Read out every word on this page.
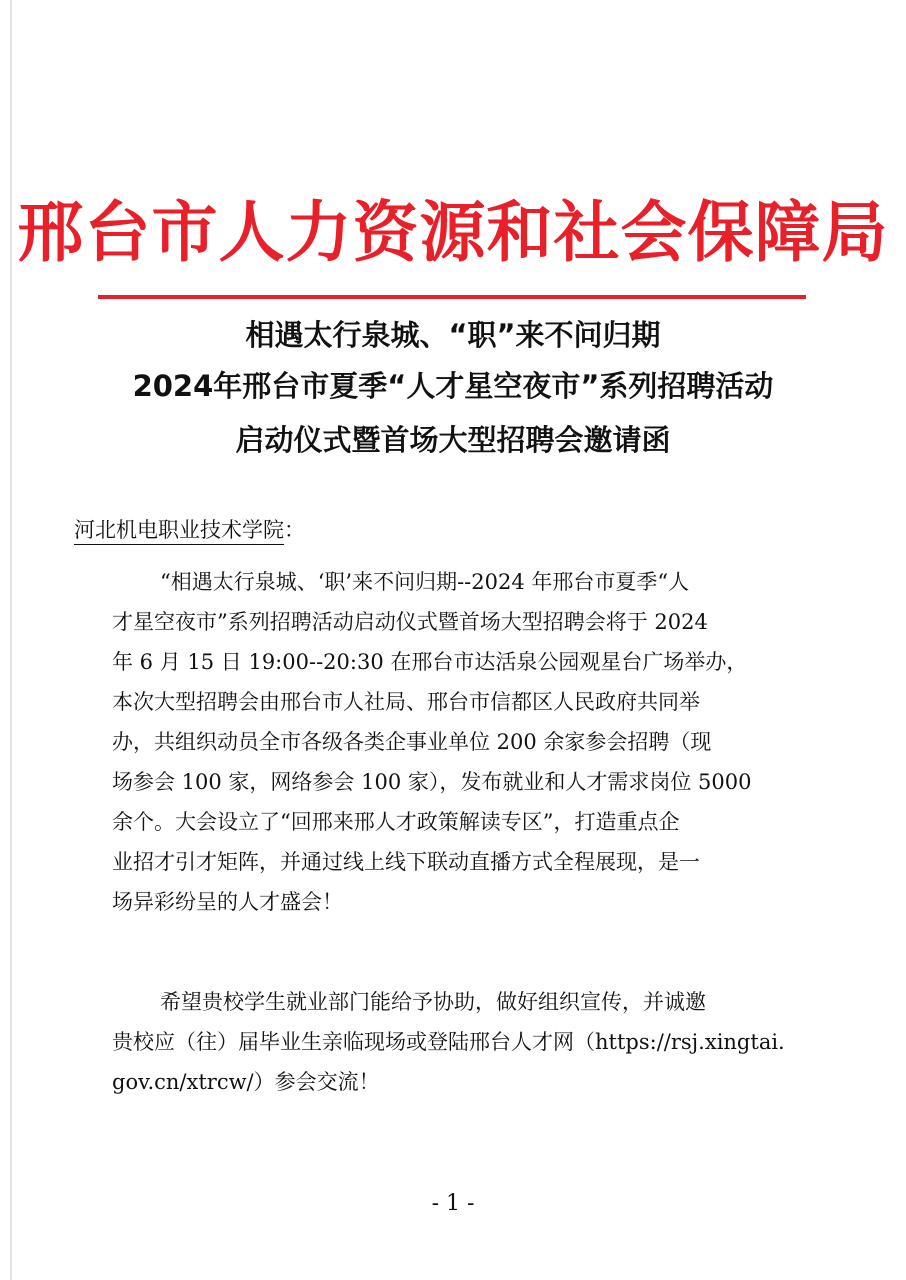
邢台市人力资源和社会保障局
相遇太行泉城、“职”来不问归期
2024年邢台市夏季“人才星空夜市”系列招聘活动
启动仪式暨首场大型招聘会邀请函
河北机电职业技术学院：
“相遇太行泉城、‘职’来不问归期--2024 年邢台市夏季“人
才星空夜市”系列招聘活动启动仪式暨首场大型招聘会将于 2024
年 6 月 15 日 19:00--20:30 在邢台市达活泉公园观星台广场举办，
本次大型招聘会由邢台市人社局、邢台市信都区人民政府共同举
办，共组织动员全市各级各类企事业单位 200 余家参会招聘（现
场参会 100 家，网络参会 100 家），发布就业和人才需求岗位 5000
余个。大会设立了“回邢来邢人才政策解读专区”，打造重点企
业招才引才矩阵，并通过线上线下联动直播方式全程展现，是一
场异彩纷呈的人才盛会！
希望贵校学生就业部门能给予协助，做好组织宣传，并诚邀
贵校应（往）届毕业生亲临现场或登陆邢台人才网（https://rsj.xingtai.
gov.cn/xtrcw/）参会交流！
- 1 -
